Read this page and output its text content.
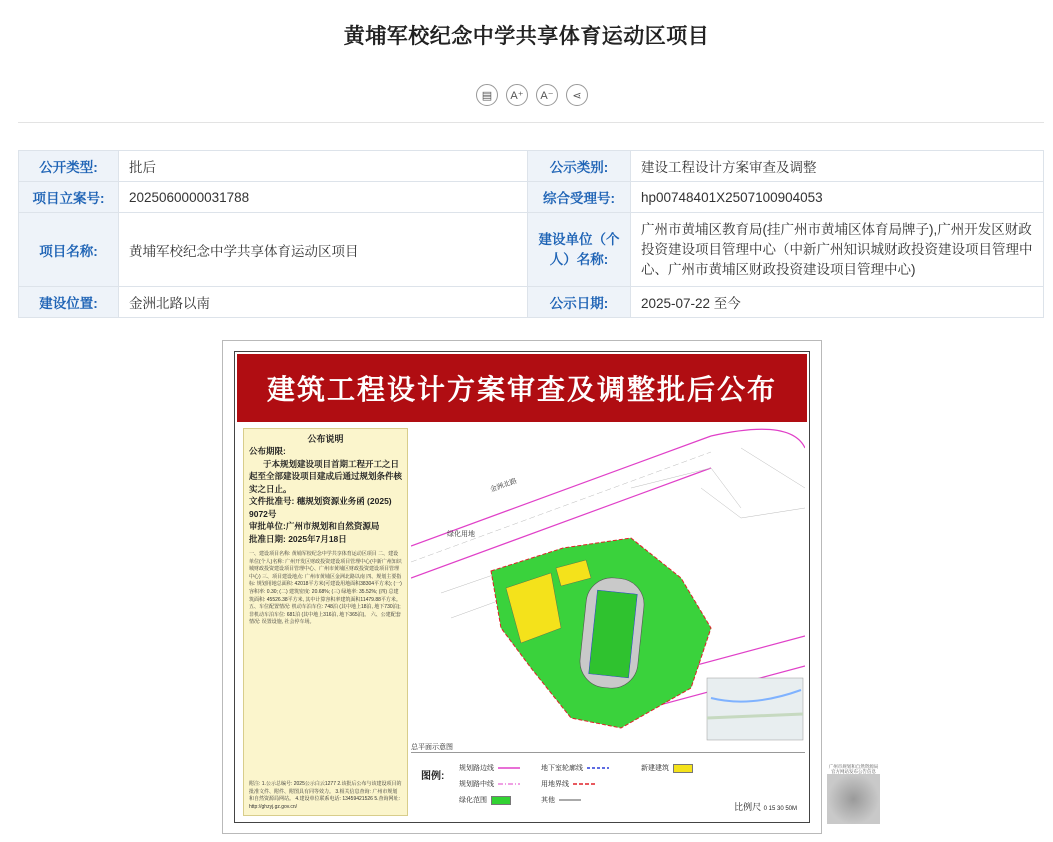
黄埔军校纪念中学共享体育运动区项目
▤	A⁺	A⁻	⋖
公开类型:	批后	公示类别:	建设工程设计方案审查及调整
项目立案号:	2025060000031788	综合受理号:	hp00748401X2507100904053
项目名称:	黄埔军校纪念中学共享体育运动区项目	建设单位（个人）名称:	广州市黄埔区教育局(挂广州市黄埔区体育局牌子),广州开发区财政投资建设项目管理中心（中新广州知识城财政投资建设项目管理中心、广州市黄埔区财政投资建设项目管理中心)
建设位置:	金洲北路以南	公示日期:	2025-07-22 至今
建筑工程设计方案审查及调整批后公布
公布说明
公布期限:
于本规划建设项目首期工程开工之日起至全部建设项目建成后通过规划条件核实之日止。
文件批准号: 穗规划资源业务函 (2025) 9072号
审批单位:广州市规划和自然资源局
批准日期: 2025年7月18日
一、建设项目名称: 黄埔军校纪念中学共享体育运动区项目 二、建设单位(个人)名称: 广州开发区财政投资建设项目管理中心(中新广州知识城财政投资建设项目管理中心、广州市黄埔区财政投资建设项目管理中心) 三、项目建设地点: 广州市黄埔区金洲北路以南 四、规划主要指标: 规划用地总面积: 42018平方米(可建设用地面积38304平方米); (一) 容积率: 0.30; (二) 建筑密度: 20.68%; (三) 绿地率: 35.52%; (四) 总建筑面积: 45526.38平方米, 其中计算容积率建筑面积11479.88平方米。 五、车位配置情况: 机动车泊车位: 748泊 (其中地上18泊, 地下730泊); 非机动车泊车位: 681泊 (其中地上316泊, 地下365泊)。 六、公建配套情况: 误置设施, 社会停车场。
附注: 1.公示总编号: 2025公示白云1277 2.该批后公布与该建设项目的批准文件、附件、附图具有同等效力。 3.相关信息查询: 广州市规划和自然资源局网站。 4.建设单位联系电话: 13459421526 5.查询网址: http://ghzyj.gz.gov.cn/
绿化用地
金洲北路
总平面示意图
图例:
规划路边线	地下室轮廓线	新建建筑
规划路中线	用地界线
绿化范围	其他
比例尺 0 15 30 50M
广州市规划和自然资源局官方网站发布公告信息
